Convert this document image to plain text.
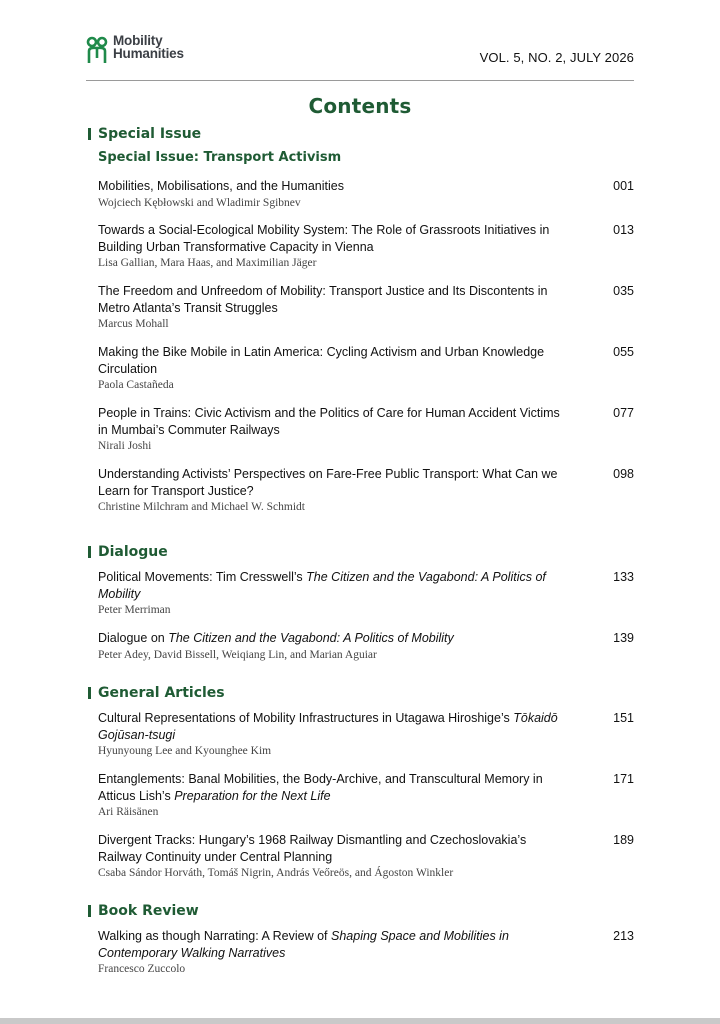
Mobility
Humanities	VOL. 5, NO. 2, JULY 2026
Contents
Special Issue
Special Issue: Transport Activism
Mobilities, Mobilisations, and the Humanities
Wojciech Kębłowski and Wladimir Sgibnev
001
Towards a Social-Ecological Mobility System: The Role of Grassroots Initiatives in Building Urban Transformative Capacity in Vienna
Lisa Gallian, Mara Haas, and Maximilian Jäger
013
The Freedom and Unfreedom of Mobility: Transport Justice and Its Discontents in Metro Atlanta’s Transit Struggles
Marcus Mohall
035
Making the Bike Mobile in Latin America: Cycling Activism and Urban Knowledge Circulation
Paola Castañeda
055
People in Trains: Civic Activism and the Politics of Care for Human Accident Victims in Mumbai’s Commuter Railways
Nirali Joshi
077
Understanding Activists’ Perspectives on Fare-Free Public Transport: What Can we Learn for Transport Justice?
Christine Milchram and Michael W. Schmidt
098
Dialogue
Political Movements: Tim Cresswell’s The Citizen and the Vagabond: A Politics of Mobility
Peter Merriman
133
Dialogue on The Citizen and the Vagabond: A Politics of Mobility
Peter Adey, David Bissell, Weiqiang Lin, and Marian Aguiar
139
General Articles
Cultural Representations of Mobility Infrastructures in Utagawa Hiroshige’s Tōkaidō Gojūsan-tsugi
Hyunyoung Lee and Kyounghee Kim
151
Entanglements: Banal Mobilities, the Body-Archive, and Transcultural Memory in Atticus Lish’s Preparation for the Next Life
Ari Räisänen
171
Divergent Tracks: Hungary’s 1968 Railway Dismantling and Czechoslovakia’s Railway Continuity under Central Planning
Csaba Sándor Horváth, Tomáš Nigrin, András Veőreös, and Ágoston Winkler
189
Book Review
Walking as though Narrating: A Review of Shaping Space and Mobilities in Contemporary Walking Narratives
Francesco Zuccolo
213
